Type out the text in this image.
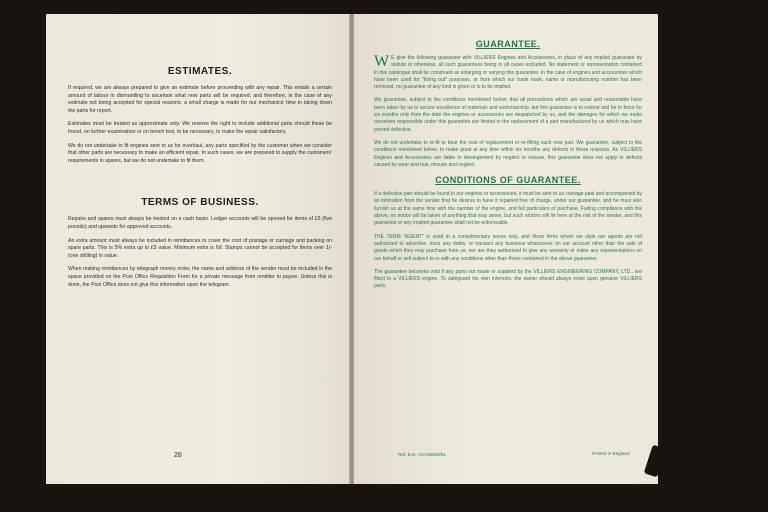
ESTIMATES.

If required, we are always prepared to give an estimate before proceeding with any repair. This entails a certain amount of labour in dismantling to ascertain what new parts will be required, and therefore, in the case of any estimate not being accepted for special reasons, a small charge is made for our mechanics' time in taking down the parts for report.

Estimates must be treated as approximate only. We reserve the right to include additional parts should these be found, on further examination or on bench test, to be necessary, to make the repair satisfactory.

We do not undertake to fit engines sent to us for overhaul, any parts specified by the customer when we consider that other parts are necessary to make an efficient repair. In such cases, we are prepared to supply the customers' requirements in spares, but we do not undertake to fit them.

TERMS OF BUSINESS.

Repairs and spares must always be treated on a cash basis. Ledger accounts will be opened for items of £5 (five pounds) and upwards for approved accounts.

An extra amount must always be included in remittances to cover the cost of postage or carriage and packing on spare parts. This is 5% extra up to £5 value. Minimum extra is 6d. Stamps cannot be accepted for items over 1/- (one shilling) in value.

When making remittances by telegraph money order, the name and address of the sender must be included in the space provided on the Post Office Requisition Form for a private message from remitter to payee. Unless this is done, the Post Office does not give this information upon the telegram.

28
GUARANTEE.

W E give the following guarantee with VILLIERS Engines and Accessories, in place of any implied guarantee by statute or otherwise, all such guarantees being in all cases excluded. No statement or representation contained in this catalogue shall be construed as enlarging or varying this guarantee. In the case of engines and accessories which have been used for "hiring out" purposes, or from which our trade mark, name or manufacturing number has been removed, no guarantee of any kind is given or is to be implied.

We guarantee, subject to the conditions mentioned below, that all precautions which are usual and reasonable have been taken by us to secure excellence of materials and workmanship, but this guarantee is to extend and be in force for six months only from the date the engines or accessories are despatched by us, and the damages for which we make ourselves responsible under this guarantee are limited to the replacement of a part manufactured by us which may have proved defective.

We do not undertake to re-fit or bear the cost of replacement or re-fitting such new part. We guarantee, subject to the conditions mentioned below, to make good at any time within six months any defects in these respects. As VILLIERS Engines and Accessories are liable to derangement by neglect or misuse, this guarantee does not apply to defects caused by wear and tear, misuse and neglect.

CONDITIONS OF GUARANTEE.

If a defective part should be found in our engines or accessories, it must be sent to us carriage paid and accompanied by an intimation from the sender that he desires to have it repaired free of charge, under our guarantee, and he must also furnish us at the same time with the number of the engine, and full particulars of purchase. Failing compliance with the above, no notice will be taken of anything that may arrive, but such articles will lie here at the risk of the sender, and this guarantee or any implied guarantee shall not be enforceable.

THE TERM "AGENT" is used in a complimentary sense only, and those firms whom we style our agents are not authorised to advertise, incur any debts, or transact any business whatsoever on our account other than the sale of goods which they may purchase from us, nor are they authorised to give any warranty or make any representations on our behalf or sell subject to or with any conditions other than those contained in the above guarantee.

The guarantee becomes void if any parts not made or supplied by the VILLIERS ENGINEERING COMPANY, LTD., are fitted to a VILLIERS engine. To safeguard his own interests, the owner should always insist upon genuine VILLIERS parts.

Ref. B.N. VC/1689/6/51	Printed in England
